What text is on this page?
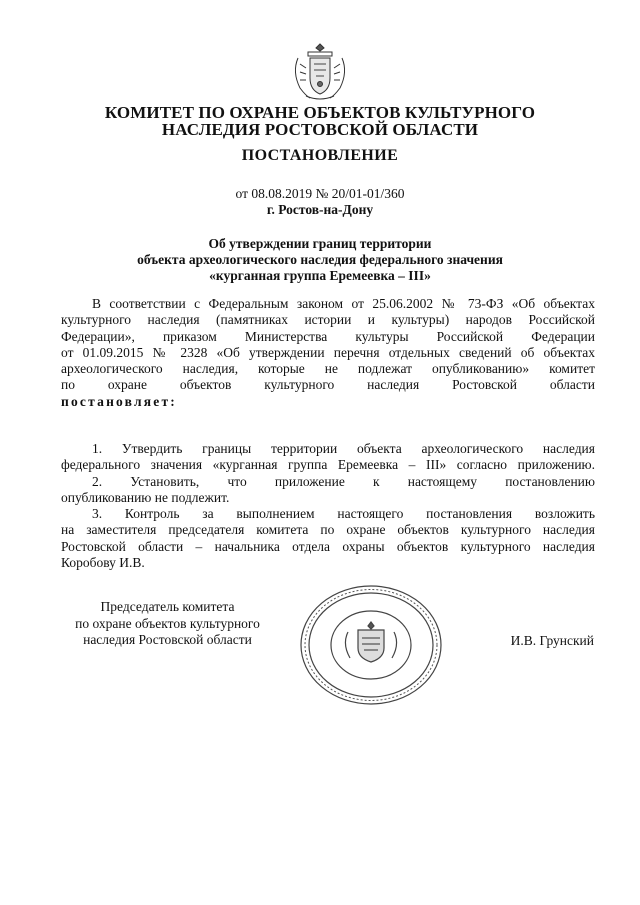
КОМИТЕТ ПО ОХРАНЕ ОБЪЕКТОВ КУЛЬТУРНОГО
НАСЛЕДИЯ РОСТОВСКОЙ ОБЛАСТИ
ПОСТАНОВЛЕНИЕ
от 08.08.2019 № 20/01-01/360
г. Ростов-на-Дону
Об утверждении границ территории
объекта археологического наследия федерального значения
«курганная группа Еремеевка – III»
В соответствии с Федеральным законом от 25.06.2002 № 73-ФЗ «Об объектах
культурного наследия (памятниках истории и культуры) народов Российской
Федерации», приказом Министерства культуры Российской Федерации
от 01.09.2015 № 2328 «Об утверждении перечня отдельных сведений об объектах
археологического наследия, которые не подлежат опубликованию» комитет
по охране объектов культурного наследия Ростовской области
постановляет:
1. Утвердить границы территории объекта археологического наследия
федерального значения «курганная группа Еремеевка – III» согласно приложению.
2. Установить, что приложение к настоящему постановлению
опубликованию не подлежит.
3. Контроль за выполнением настоящего постановления возложить
на заместителя председателя комитета по охране объектов культурного наследия
Ростовской области – начальника отдела охраны объектов культурного наследия
Коробову И.В.
Председатель комитета
по охране объектов культурного
наследия Ростовской области	И.В. Грунский
